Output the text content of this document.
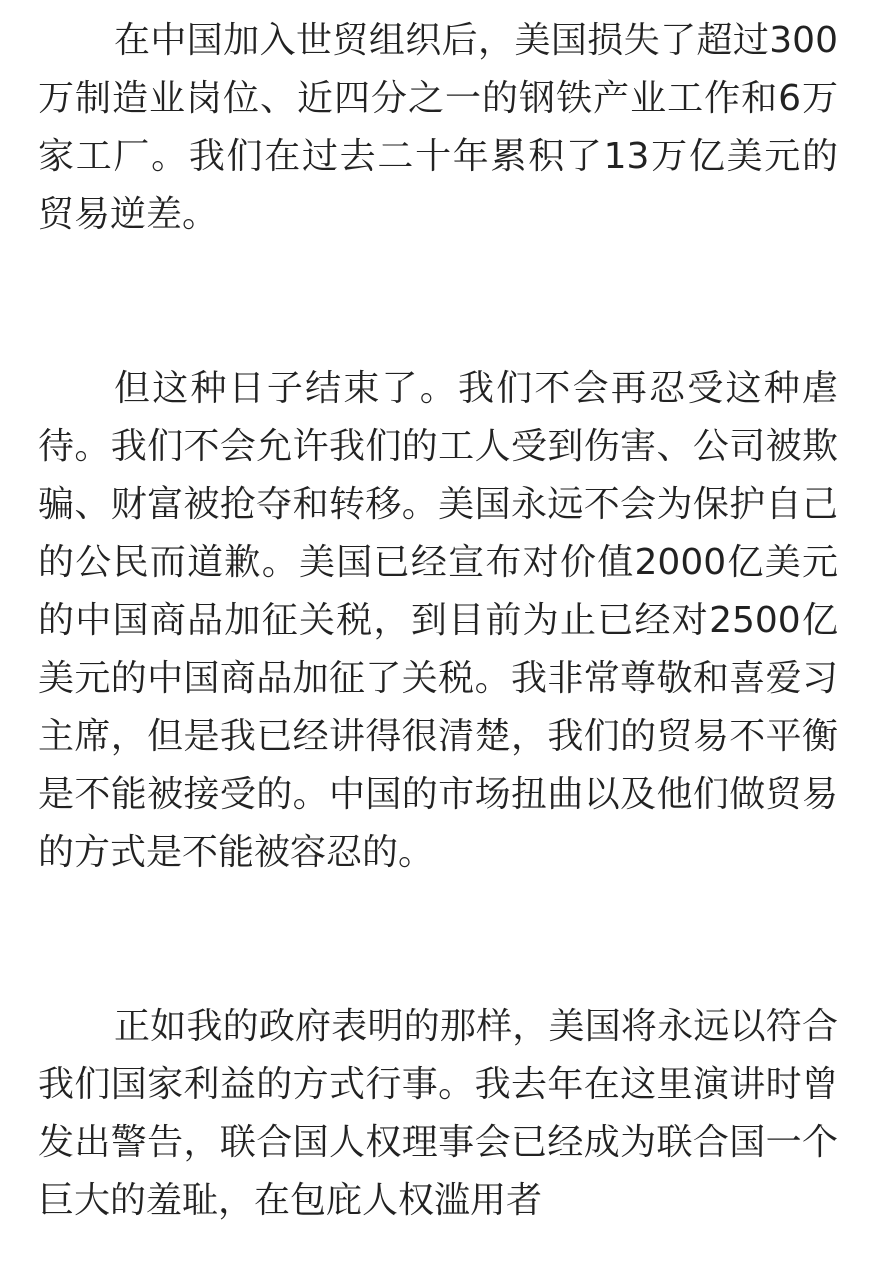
在中国加入世贸组织后，美国损失了超过300万制造业岗位、近四分之一的钢铁产业工作和6万家工厂。我们在过去二十年累积了13万亿美元的贸易逆差。

但这种日子结束了。我们不会再忍受这种虐待。我们不会允许我们的工人受到伤害、公司被欺骗、财富被抢夺和转移。美国永远不会为保护自己的公民而道歉。美国已经宣布对价值2000亿美元的中国商品加征关税，到目前为止已经对2500亿美元的中国商品加征了关税。我非常尊敬和喜爱习主席，但是我已经讲得很清楚，我们的贸易不平衡是不能被接受的。中国的市场扭曲以及他们做贸易的方式是不能被容忍的。

正如我的政府表明的那样，美国将永远以符合我们国家利益的方式行事。我去年在这里演讲时曾发出警告，联合国人权理事会已经成为联合国一个巨大的羞耻，在包庇人权滥用者
